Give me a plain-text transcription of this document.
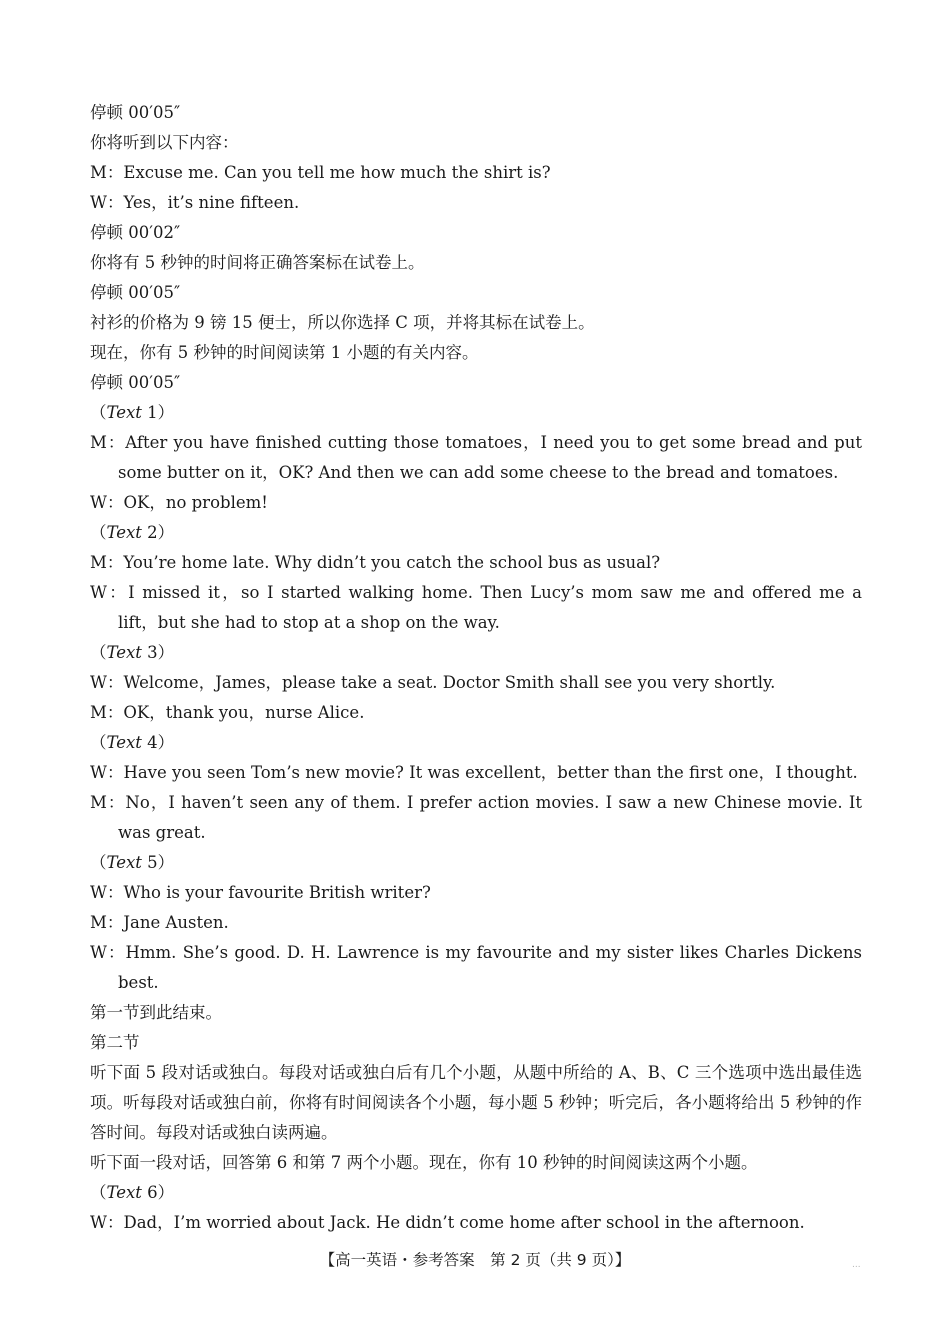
停顿 00′05″
你将听到以下内容：
M：Excuse me. Can you tell me how much the shirt is?
W：Yes，it’s nine fifteen.
停顿 00′02″
你将有 5 秒钟的时间将正确答案标在试卷上。
停顿 00′05″
衬衫的价格为 9 镑 15 便士，所以你选择 C 项，并将其标在试卷上。
现在，你有 5 秒钟的时间阅读第 1 小题的有关内容。
停顿 00′05″
（Text 1）
M：After you have finished cutting those tomatoes，I need you to get some bread and put some butter on it，OK? And then we can add some cheese to the bread and tomatoes.
W：OK，no problem!
（Text 2）
M：You’re home late. Why didn’t you catch the school bus as usual?
W：I missed it，so I started walking home. Then Lucy’s mom saw me and offered me a lift，but she had to stop at a shop on the way.
（Text 3）
W：Welcome，James，please take a seat. Doctor Smith shall see you very shortly.
M：OK，thank you，nurse Alice.
（Text 4）
W：Have you seen Tom’s new movie? It was excellent，better than the first one，I thought.
M：No，I haven’t seen any of them. I prefer action movies. I saw a new Chinese movie. It was great.
（Text 5）
W：Who is your favourite British writer?
M：Jane Austen.
W：Hmm. She’s good. D. H. Lawrence is my favourite and my sister likes Charles Dickens best.
第一节到此结束。
第二节
听下面 5 段对话或独白。每段对话或独白后有几个小题，从题中所给的 A、B、C 三个选项中选出最佳选项。听每段对话或独白前，你将有时间阅读各个小题，每小题 5 秒钟；听完后，各小题将给出 5 秒钟的作答时间。每段对话或独白读两遍。
听下面一段对话，回答第 6 和第 7 两个小题。现在，你有 10 秒钟的时间阅读这两个小题。
（Text 6）
W：Dad，I’m worried about Jack. He didn’t come home after school in the afternoon.
【高一英语・参考答案　第 2 页（共 9 页）】	...
